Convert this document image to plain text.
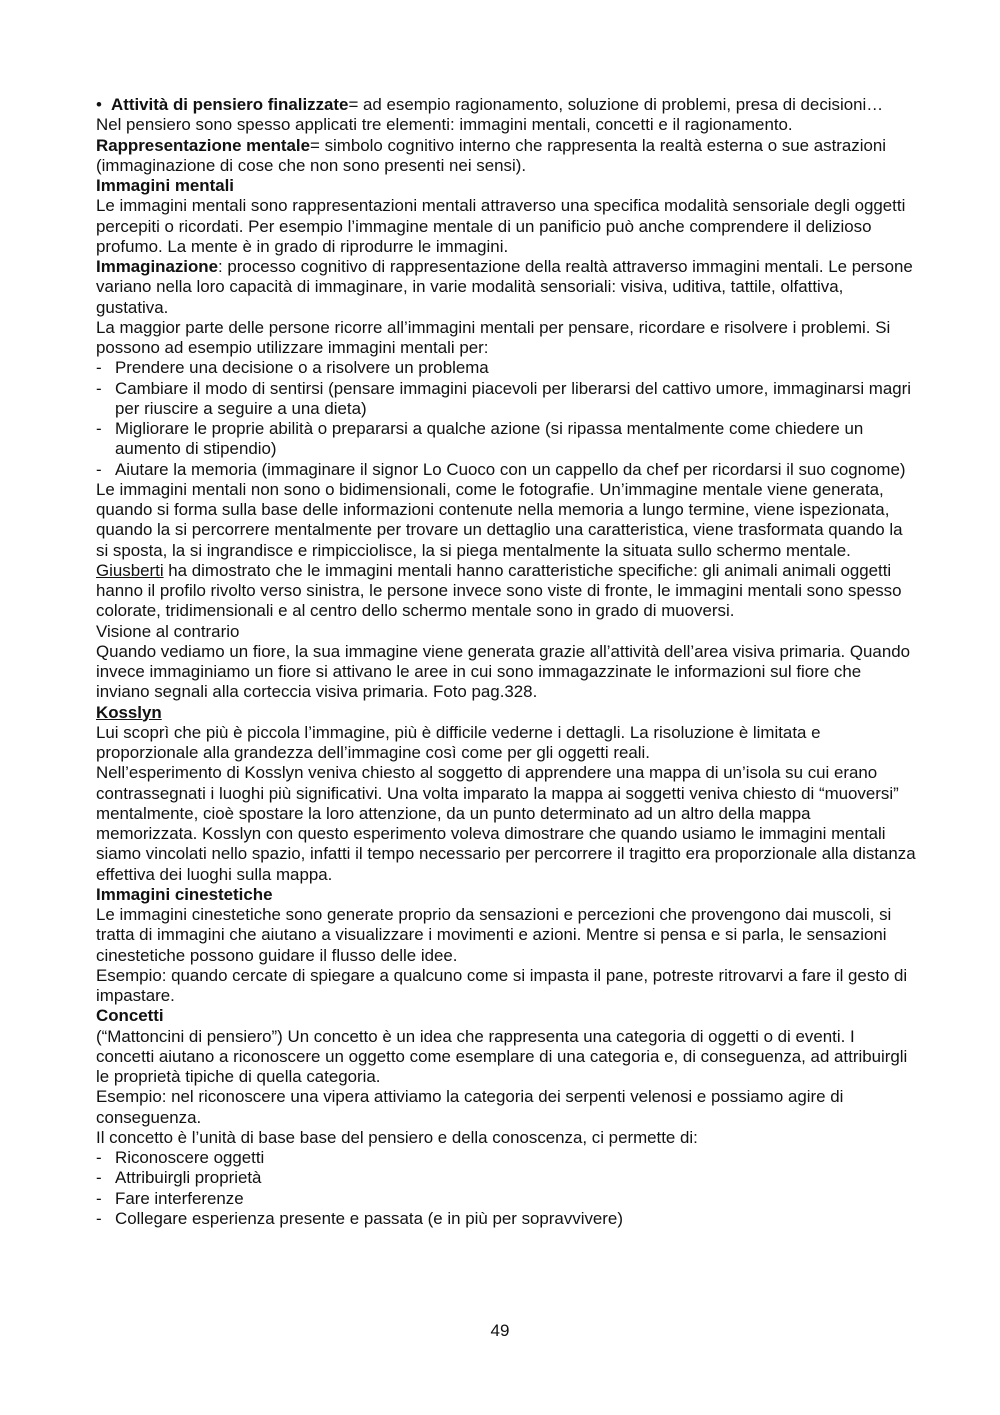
• Attività di pensiero finalizzate= ad esempio ragionamento, soluzione di problemi, presa di decisioni…

Nel pensiero sono spesso applicati tre elementi: immagini mentali, concetti e il ragionamento.

Rappresentazione mentale= simbolo cognitivo interno che rappresenta la realtà esterna o sue astrazioni (immaginazione di cose che non sono presenti nei sensi).

Immagini mentali

Le immagini mentali sono rappresentazioni mentali attraverso una specifica modalità sensoriale degli oggetti percepiti o ricordati. Per esempio l’immagine mentale di un panificio può anche comprendere il delizioso profumo. La mente è in grado di riprodurre le immagini.

Immaginazione: processo cognitivo di rappresentazione della realtà attraverso immagini mentali. Le persone variano nella loro capacità di immaginare, in varie modalità sensoriali: visiva, uditiva, tattile, olfattiva, gustativa.

La maggior parte delle persone ricorre all’immagini mentali per pensare, ricordare e risolvere i problemi. Si possono ad esempio utilizzare immagini mentali per:

- Prendere una decisione o a risolvere un problema
- Cambiare il modo di sentirsi (pensare immagini piacevoli per liberarsi del cattivo umore, immaginarsi magri per riuscire a seguire a una dieta)
- Migliorare le proprie abilità o prepararsi a qualche azione (si ripassa mentalmente come chiedere un aumento di stipendio)
- Aiutare la memoria (immaginare il signor Lo Cuoco con un cappello da chef per ricordarsi il suo cognome)

Le immagini mentali non sono o bidimensionali, come le fotografie. Un’immagine mentale viene generata, quando si forma sulla base delle informazioni contenute nella memoria a lungo termine, viene ispezionata, quando la si percorrere mentalmente per trovare un dettaglio una caratteristica, viene trasformata quando la si sposta, la si ingrandisce e rimpicciolisce, la si piega mentalmente la situata sullo schermo mentale.

Giusberti ha dimostrato che le immagini mentali hanno caratteristiche specifiche: gli animali animali oggetti hanno il profilo rivolto verso sinistra, le persone invece sono viste di fronte, le immagini mentali sono spesso colorate, tridimensionali e al centro dello schermo mentale sono in grado di muoversi.

Visione al contrario

Quando vediamo un fiore, la sua immagine viene generata grazie all’attività dell’area visiva primaria. Quando invece immaginiamo un fiore si attivano le aree in cui sono immagazzinate le informazioni sul fiore che inviano segnali alla corteccia visiva primaria. Foto pag.328.

Kosslyn

Lui scoprì che più è piccola l’immagine, più è difficile vederne i dettagli. La risoluzione è limitata e proporzionale alla grandezza dell’immagine così come per gli oggetti reali.

Nell’esperimento di Kosslyn veniva chiesto al soggetto di apprendere una mappa di un’isola su cui erano contrassegnati i luoghi più significativi. Una volta imparato la mappa ai soggetti veniva chiesto di “muoversi” mentalmente, cioè spostare la loro attenzione, da un punto determinato ad un altro della mappa memorizzata. Kosslyn con questo esperimento voleva dimostrare che quando usiamo le immagini mentali siamo vincolati nello spazio, infatti il tempo necessario per percorrere il tragitto era proporzionale alla distanza effettiva dei luoghi sulla mappa.

Immagini cinestetiche

Le immagini cinestetiche sono generate proprio da sensazioni e percezioni che provengono dai muscoli, si tratta di immagini che aiutano a visualizzare i movimenti e azioni. Mentre si pensa e si parla, le sensazioni cinestetiche possono guidare il flusso delle idee.

Esempio: quando cercate di spiegare a qualcuno come si impasta il pane, potreste ritrovarvi a fare il gesto di impastare.

Concetti

(“Mattoncini di pensiero”) Un concetto è un idea che rappresenta una categoria di oggetti o di eventi. I concetti aiutano a riconoscere un oggetto come esemplare di una categoria e, di conseguenza, ad attribuirgli le proprietà tipiche di quella categoria.

Esempio: nel riconoscere una vipera attiviamo la categoria dei serpenti velenosi e possiamo agire di conseguenza.

Il concetto è l’unità di base base del pensiero e della conoscenza, ci permette di:

- Riconoscere oggetti
- Attribuirgli proprietà
- Fare interferenze
- Collegare esperienza presente e passata (e in più per sopravvivere)
49
